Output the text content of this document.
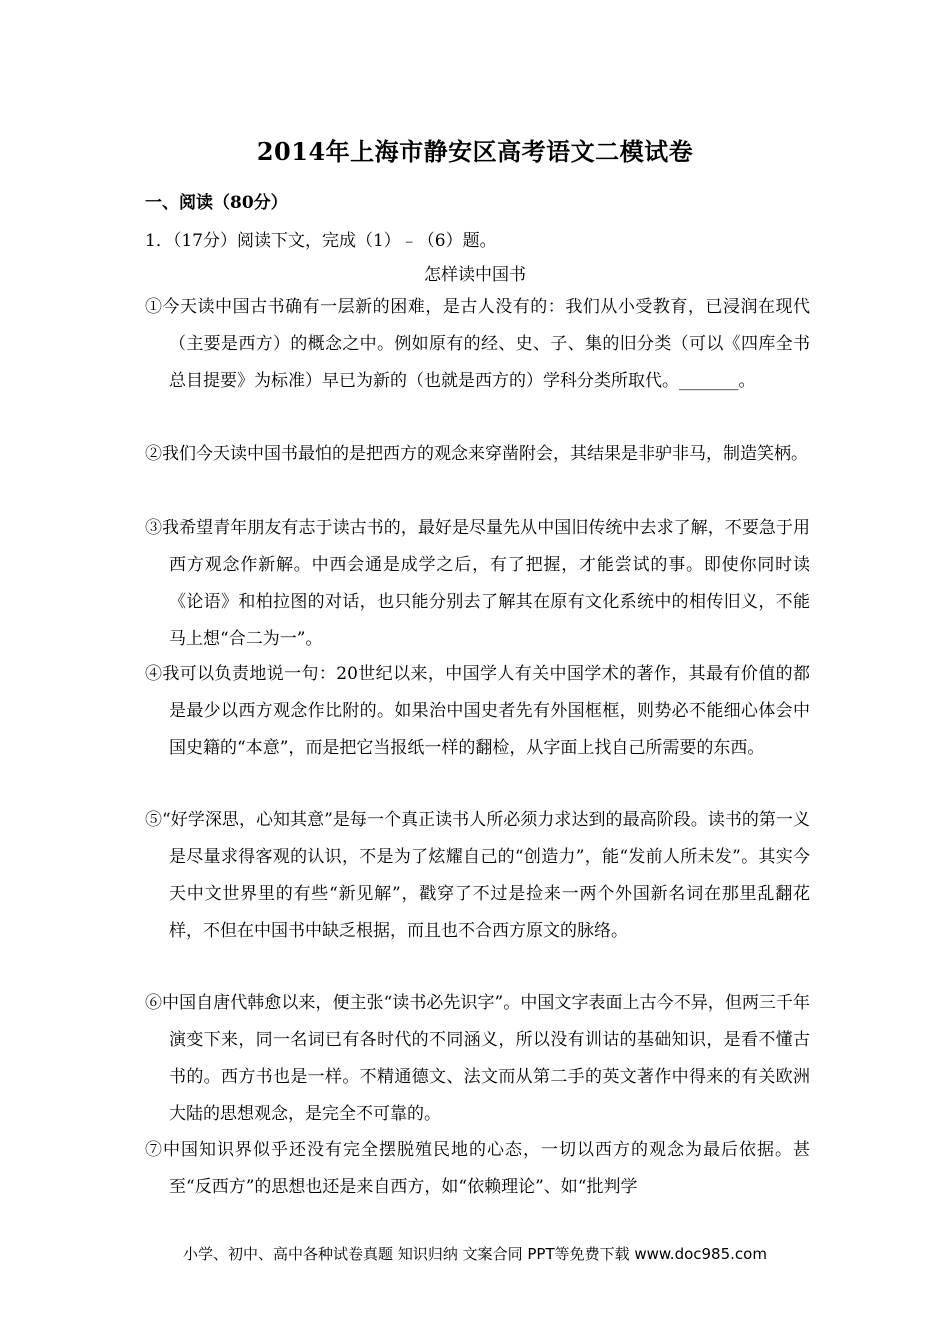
2014年上海市静安区高考语文二模试卷
一、阅读（80分）
1．（17分）阅读下文，完成（1）﹣（6）题。
怎样读中国书
①今天读中国古书确有一层新的困难，是古人没有的：我们从小受教育，已浸润在现代（主要是西方）的概念之中。例如原有的经、史、子、集的旧分类（可以《四库全书总目提要》为标准）早已为新的（也就是西方的）学科分类所取代。_______。
②我们今天读中国书最怕的是把西方的观念来穿凿附会，其结果是非驴非马，制造笑柄。
③我希望青年朋友有志于读古书的，最好是尽量先从中国旧传统中去求了解，不要急于用西方观念作新解。中西会通是成学之后，有了把握，才能尝试的事。即使你同时读《论语》和柏拉图的对话，也只能分别去了解其在原有文化系统中的相传旧义，不能马上想“合二为一”。
④我可以负责地说一句：20世纪以来，中国学人有关中国学术的著作，其最有价值的都是最少以西方观念作比附的。如果治中国史者先有外国框框，则势必不能细心体会中国史籍的“本意”，而是把它当报纸一样的翻检，从字面上找自己所需要的东西。
⑤“好学深思，心知其意”是每一个真正读书人所必须力求达到的最高阶段。读书的第一义是尽量求得客观的认识，不是为了炫耀自己的“创造力”，能“发前人所未发”。其实今天中文世界里的有些“新见解”，戳穿了不过是捡来一两个外国新名词在那里乱翻花样，不但在中国书中缺乏根据，而且也不合西方原文的脉络。
⑥中国自唐代韩愈以来，便主张“读书必先识字”。中国文字表面上古今不异，但两三千年演变下来，同一名词已有各时代的不同涵义，所以没有训诂的基础知识，是看不懂古书的。西方书也是一样。不精通德文、法文而从第二手的英文著作中得来的有关欧洲大陆的思想观念，是完全不可靠的。
⑦中国知识界似乎还没有完全摆脱殖民地的心态，一切以西方的观念为最后依据。甚至“反西方”的思想也还是来自西方，如“依赖理论”、如“批判学
小学、初中、高中各种试卷真题 知识归纳 文案合同 PPT等免费下载 www.doc985.com
